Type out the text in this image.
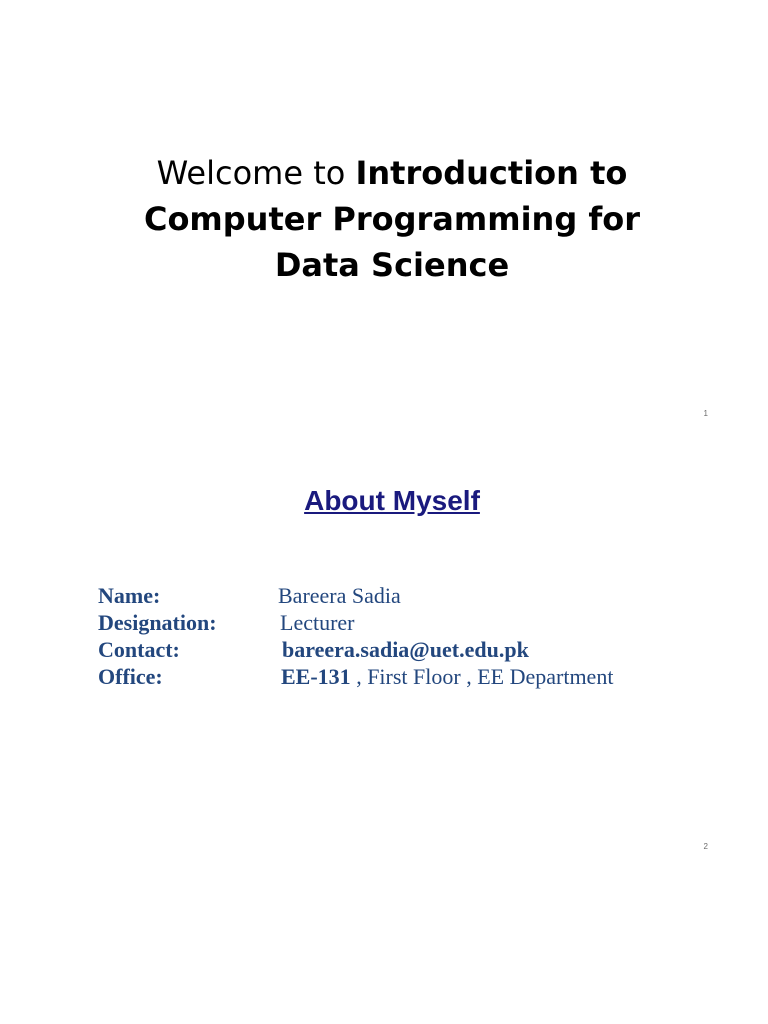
Welcome to Introduction to
Computer Programming for
Data Science
1
About Myself
Name:	Bareera Sadia
Designation:	Lecturer
Contact:	bareera.sadia@uet.edu.pk
Office:	EE-131 , First Floor , EE Department
2
